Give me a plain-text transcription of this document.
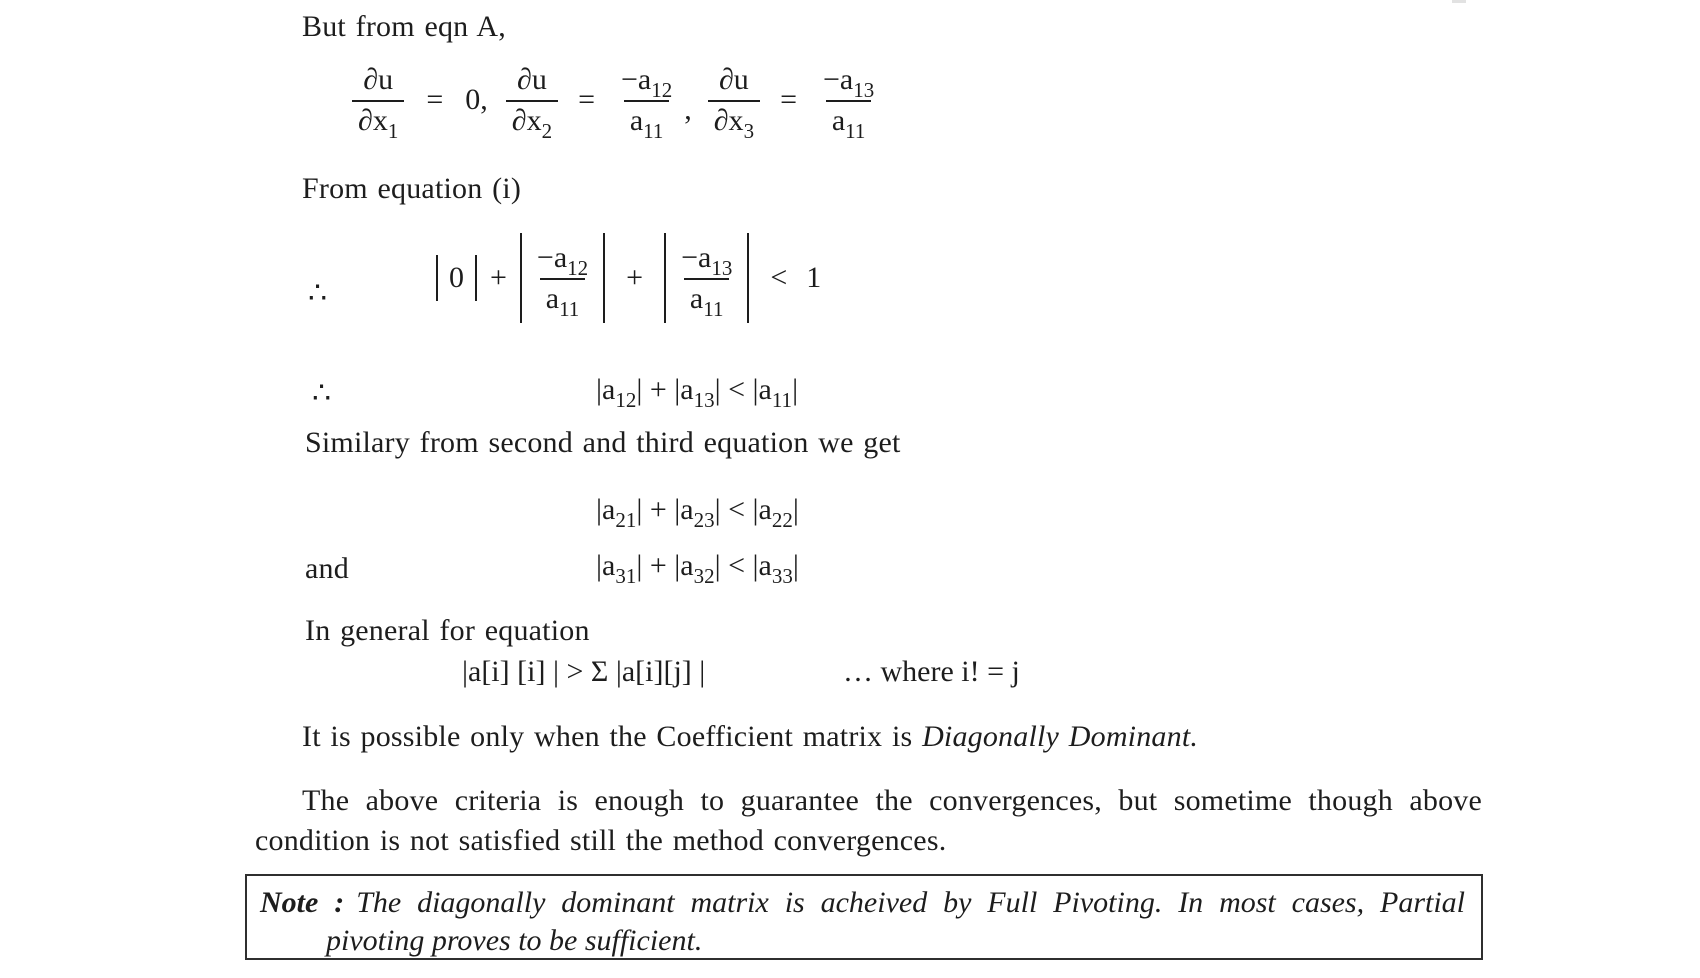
But from eqn A,
$\frac{\partial u}{\partial x_1} = 0$, $\frac{\partial u}{\partial x_2} = \frac{-a_{12}}{a_{11}}$ , $\frac{\partial u}{\partial x_3} = \frac{-a_{13}}{a_{11}}$
From equation (i)
∴	$0 + \frac{-a_{12}}{a_{11}} + \frac{-a_{13}}{a_{11}} < 1$
∴	$|a_{12}| + |a_{13}| < |a_{11}|$
Similary from second and third equation we get
$|a_{21}| + |a_{23}| < |a_{22}|$
and	$|a_{31}| + |a_{32}| < |a_{33}|$
In general for equation
|a[i] [i] | > Σ |a[i][j] |	… where i! = j
It is possible only when the Coefficient matrix is Diagonally Dominant.
The above criteria is enough to guarantee the convergences, but sometime though above
condition is not satisfied still the method convergences.
Note : The diagonally dominant matrix is acheived by Full Pivoting. In most cases, Partial
pivoting proves to be sufficient.
